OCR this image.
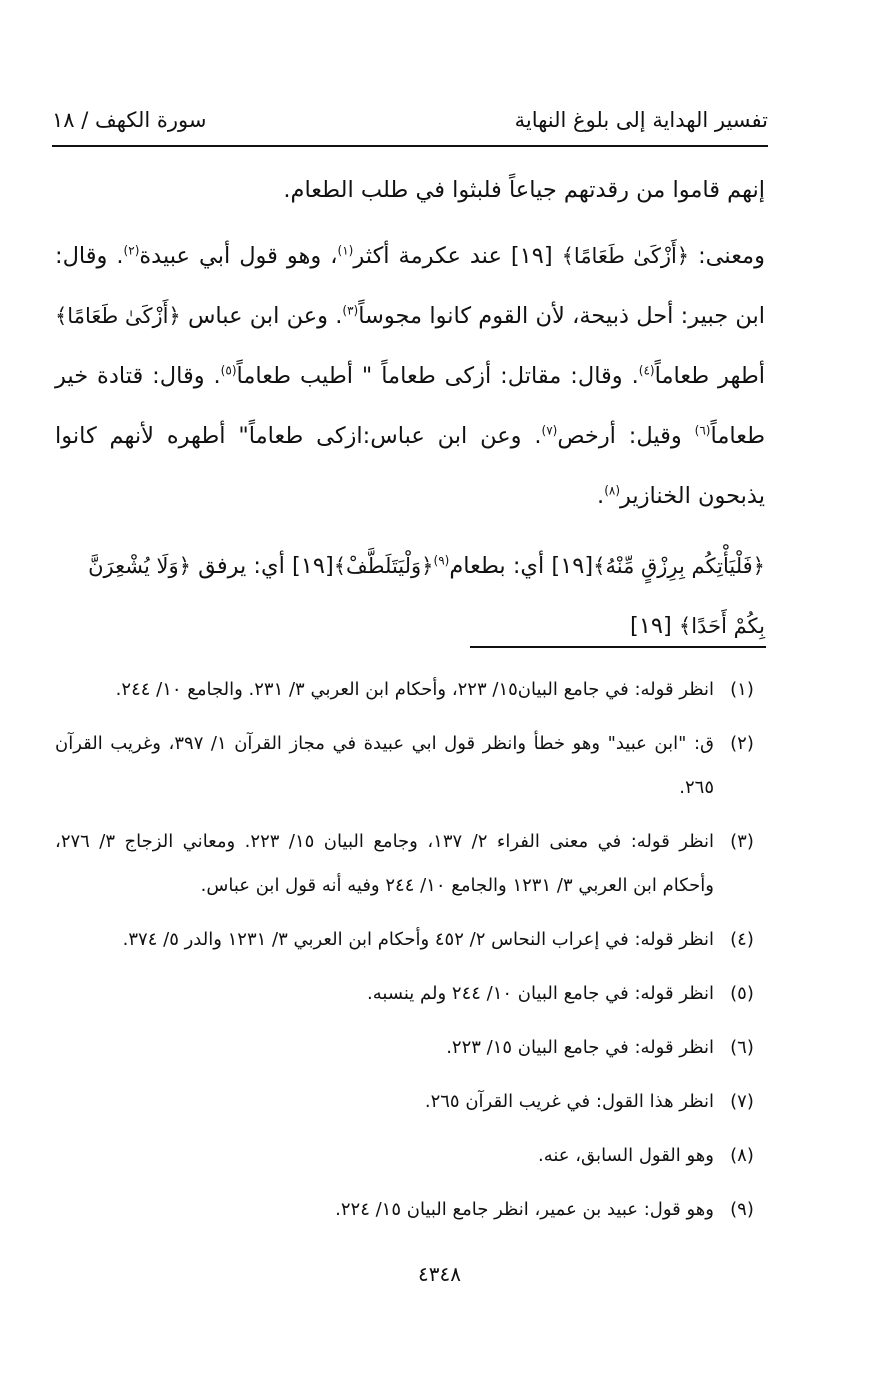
تفسير الهداية إلى بلوغ النهاية
سورة الكهف / ١٨

إنهم قاموا من رقدتهم جياعاً فلبثوا في طلب الطعام.

ومعنى: ﴿أَزْكَىٰ طَعَامًا﴾ [١٩] عند عكرمة أكثر$^{(١)}$، وهو قول أبي عبيدة$^{(٢)}$. وقال: ابن جبير: أحل ذبيحة، لأن القوم كانوا مجوساً$^{(٣)}$. وعن ابن عباس ﴿أَزْكَىٰ طَعَامًا﴾ أطهر طعاماً$^{(٤)}$. وقال: مقاتل: أزكى طعاماً " أطيب طعاماً$^{(٥)}$. وقال: قتادة خير طعاماً$^{(٦)}$ وقيل: أرخص$^{(٧)}$. وعن ابن عباس:ازكى طعاماً" أطهره لأنهم كانوا يذبحون الخنازير$^{(٨)}$.

﴿فَلْيَأْتِكُم بِرِزْقٍ مِّنْهُ﴾[١٩] أي: بطعام$^{(٩)}$﴿وَلْيَتَلَطَّفْ﴾[١٩] أي: يرفق ﴿وَلَا يُشْعِرَنَّ بِكُمْ أَحَدًا﴾ [١٩]

(١)
انظر قوله: في جامع البيان١٥/ ٢٢٣، وأحكام ابن العربي ٣/ ٢٣١. والجامع ١٠/ ٢٤٤.
(٢)
ق: "ابن عبيد" وهو خطأ وانظر قول ابي عبيدة في مجاز القرآن ١/ ٣٩٧، وغريب القرآن ٢٦٥.
(٣)
انظر قوله: في معنى الفراء ٢/ ١٣٧، وجامع البيان ١٥/ ٢٢٣. ومعاني الزجاج ٣/ ٢٧٦، وأحكام ابن العربي ٣/ ١٢٣١ والجامع ١٠/ ٢٤٤ وفيه أنه قول ابن عباس.
(٤)
انظر قوله: في إعراب النحاس ٢/ ٤٥٢ وأحكام ابن العربي ٣/ ١٢٣١ والدر ٥/ ٣٧٤.
(٥)
انظر قوله: في جامع البيان ١٠/ ٢٤٤ ولم ينسبه.
(٦)
انظر قوله: في جامع البيان ١٥/ ٢٢٣.
(٧)
انظر هذا القول: في غريب القرآن ٢٦٥.
(٨)
وهو القول السابق، عنه.
(٩)
وهو قول: عبيد بن عمير، انظر جامع البيان ١٥/ ٢٢٤.
٤٣٤٨
